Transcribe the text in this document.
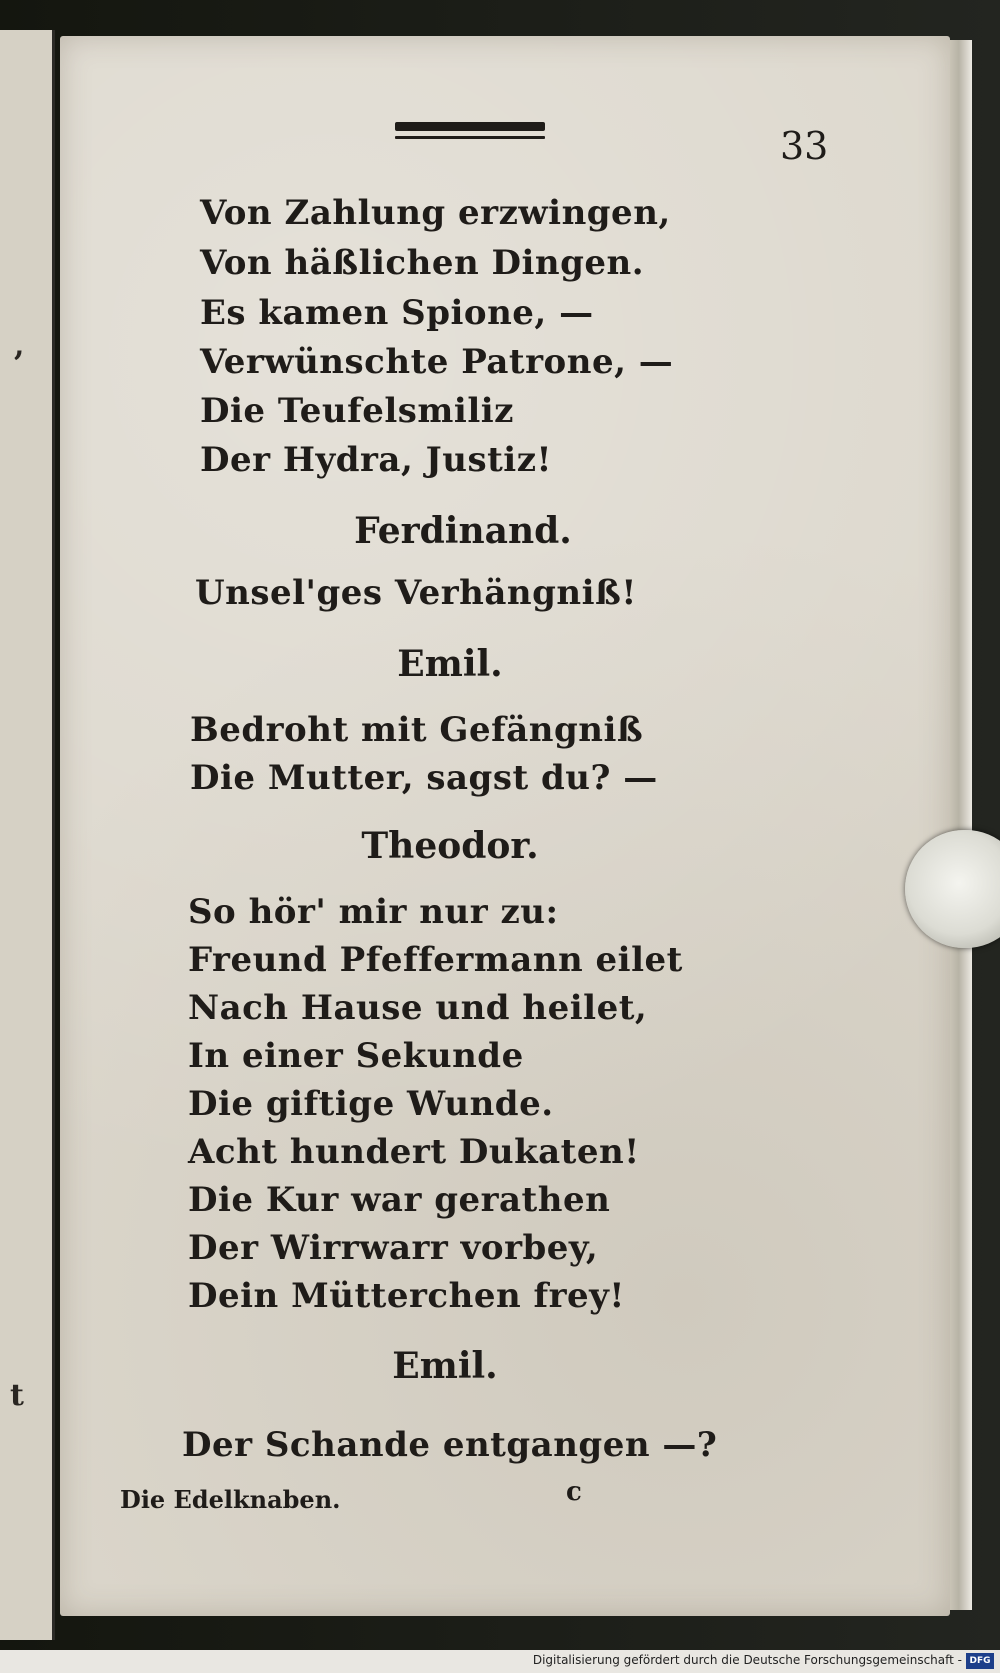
,
t
33
Von Zahlung erzwingen,
Von häßlichen Dingen.
Es kamen Spione, —
Verwünschte Patrone, —
Die Teufelsmiliz
Der Hydra, Justiz!
Ferdinand.
Unsel'ges Verhängniß!
Emil.
Bedroht mit Gefängniß
Die Mutter, sagst du? —
Theodor.
So hör' mir nur zu:
Freund Pfeffermann eilet
Nach Hause und heilet,
In einer Sekunde
Die giftige Wunde.
Acht hundert Dukaten!
Die Kur war gerathen
Der Wirrwarr vorbey,
Dein Mütterchen frey!
Emil.
Der Schande entgangen —?
Die Edelknaben.	c
Digitalisierung gefördert durch die Deutsche Forschungsgemeinschaft - DFG
